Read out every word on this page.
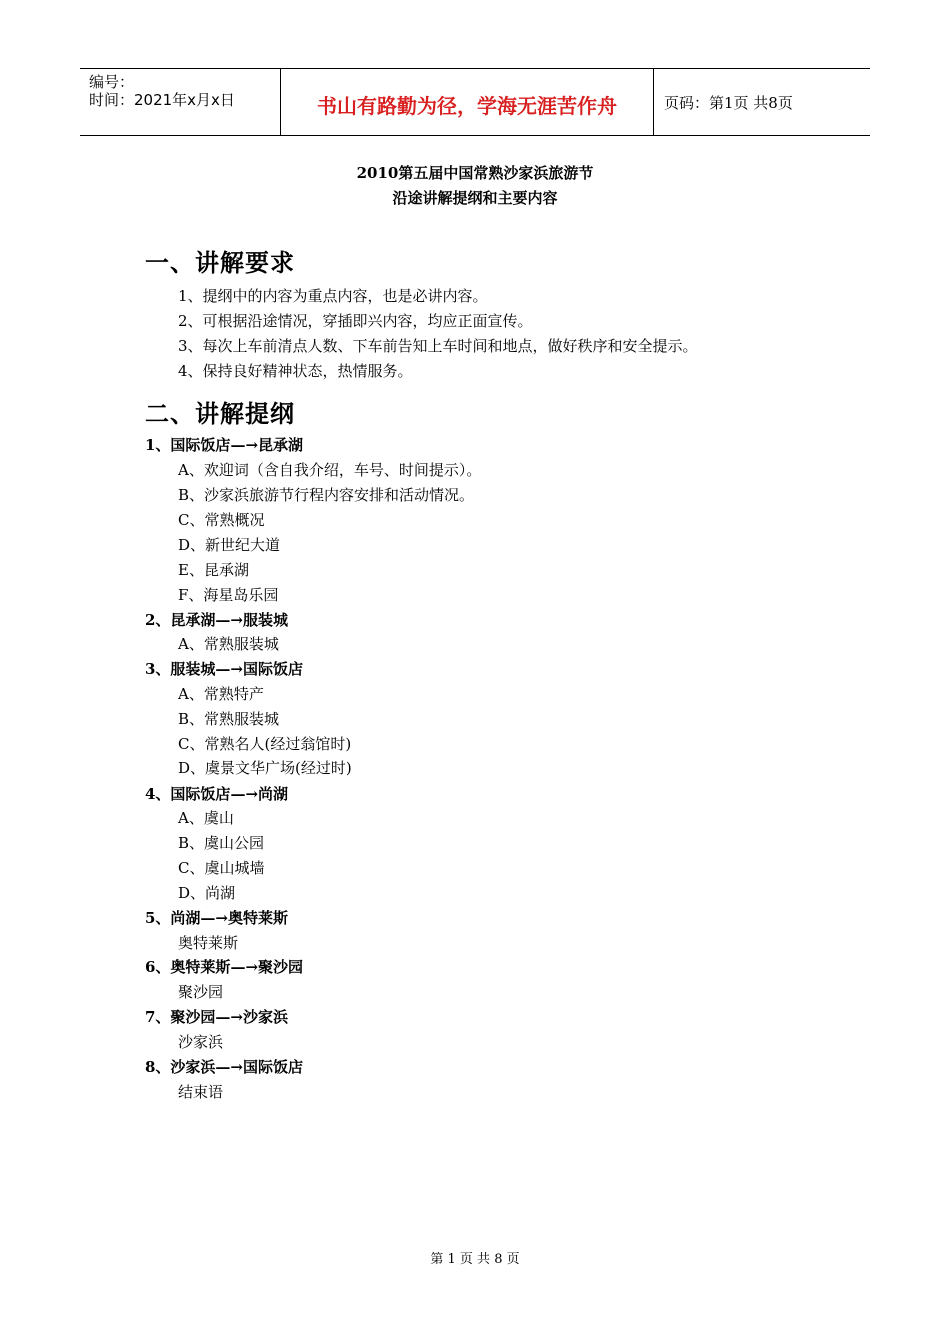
编号：
时间：2021年x月x日	书山有路勤为径，学海无涯苦作舟	页码：第1页 共8页
2010第五届中国常熟沙家浜旅游节
沿途讲解提纲和主要内容
一、讲解要求
1、提纲中的内容为重点内容，也是必讲内容。
2、可根据沿途情况，穿插即兴内容，均应正面宣传。
3、每次上车前清点人数、下车前告知上车时间和地点，做好秩序和安全提示。
4、保持良好精神状态，热情服务。
二、讲解提纲
1、国际饭店—→昆承湖
A、欢迎词（含自我介绍，车号、时间提示）。
B、沙家浜旅游节行程内容安排和活动情况。
C、常熟概况
D、新世纪大道
E、昆承湖
F、海星岛乐园
2、昆承湖—→服装城
A、常熟服装城
3、服装城—→国际饭店
A、常熟特产
B、常熟服装城
C、常熟名人(经过翁馆时)
D、虞景文华广场(经过时)
4、国际饭店—→尚湖
A、虞山
B、虞山公园
C、虞山城墙
D、尚湖
5、尚湖—→奥特莱斯
奥特莱斯
6、奥特莱斯—→聚沙园
聚沙园
7、聚沙园—→沙家浜
沙家浜
8、沙家浜—→国际饭店
结束语
第 1 页 共 8 页
